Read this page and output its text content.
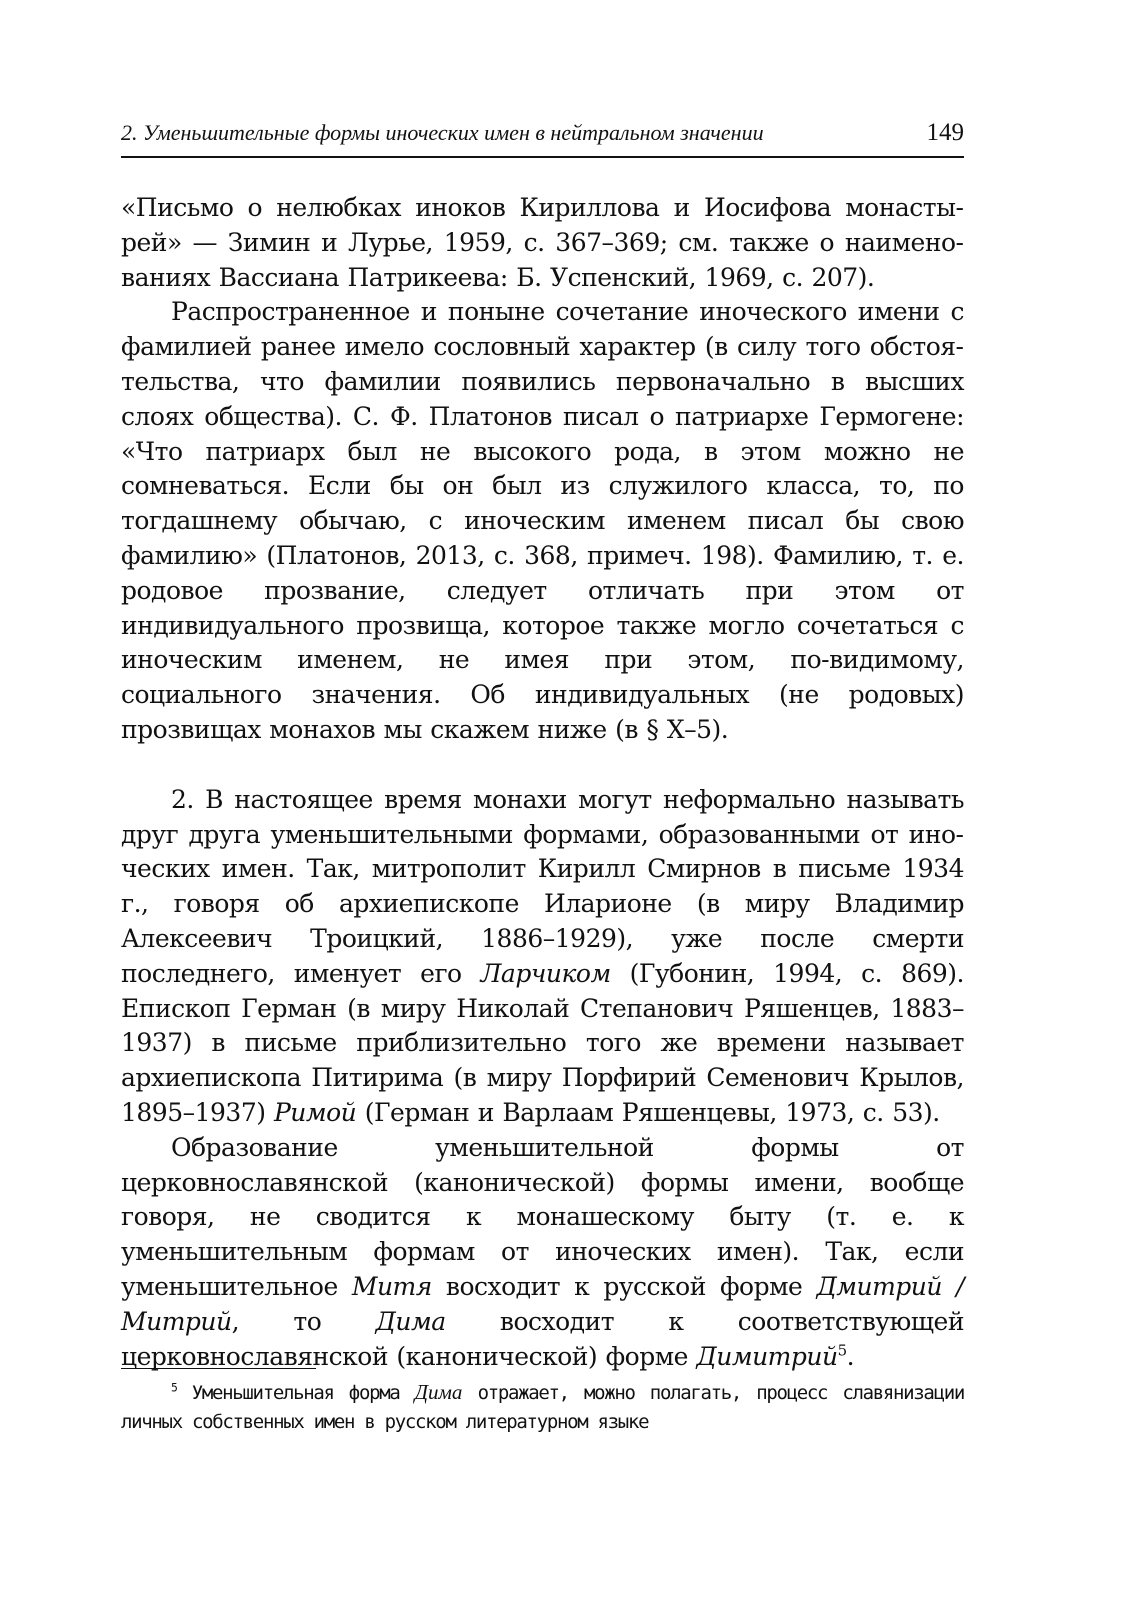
2. Уменьшительные формы иноческих имен в нейтральном значении	149

«Письмо о нелюбках иноков Кириллова и Иосифова монастырей» — Зимин и Лурье, 1959, с. 367–369; см. также о наименованиях Вассиана Патрикеева: Б. Успенский, 1969, с. 207).

Распространенное и поныне сочетание иноческого имени с фамилией ранее имело сословный характер (в силу того обстоятельства, что фамилии появились первоначально в высших слоях общества). С. Ф. Платонов писал о патриархе Гермогене: «Что патриарх был не высокого рода, в этом можно не сомневаться. Если бы он был из служилого класса, то, по тогдашнему обычаю, с иноческим именем писал бы свою фамилию» (Платонов, 2013, с. 368, примеч. 198). Фамилию, т. е. родовое прозвание, следует отличать при этом от индивидуального прозвища, которое также могло сочетаться с иноческим именем, не имея при этом, по-видимому, социального значения. Об индивидуальных (не родовых) прозвищах монахов мы скажем ниже (в § X–5).

2. В настоящее время монахи могут неформально называть друг друга уменьшительными формами, образованными от иноческих имен. Так, митрополит Кирилл Смирнов в письме 1934 г., говоря об архиепископе Иларионе (в миру Владимир Алексеевич Троицкий, 1886–1929), уже после смерти последнего, именует его Ларчиком (Губонин, 1994, с. 869). Епископ Герман (в миру Николай Степанович Ряшенцев, 1883–1937) в письме приблизительно того же времени называет архиепископа Питирима (в миру Порфирий Семенович Крылов, 1895–1937) Римой (Герман и Варлаам Ряшенцевы, 1973, с. 53).

Образование уменьшительной формы от церковнославянской (канонической) формы имени, вообще говоря, не сводится к монашескому быту (т. е. к уменьшительным формам от иноческих имен). Так, если уменьшительное Митя восходит к русской форме Дмитрий / Митрий, то Дима восходит к соответствующей церковнославянской (канонической) форме Димитрий$^5$.

$^5$ Уменьшительная форма Дима отражает, можно полагать, процесс славянизации личных собственных имен в русском литературном языке
